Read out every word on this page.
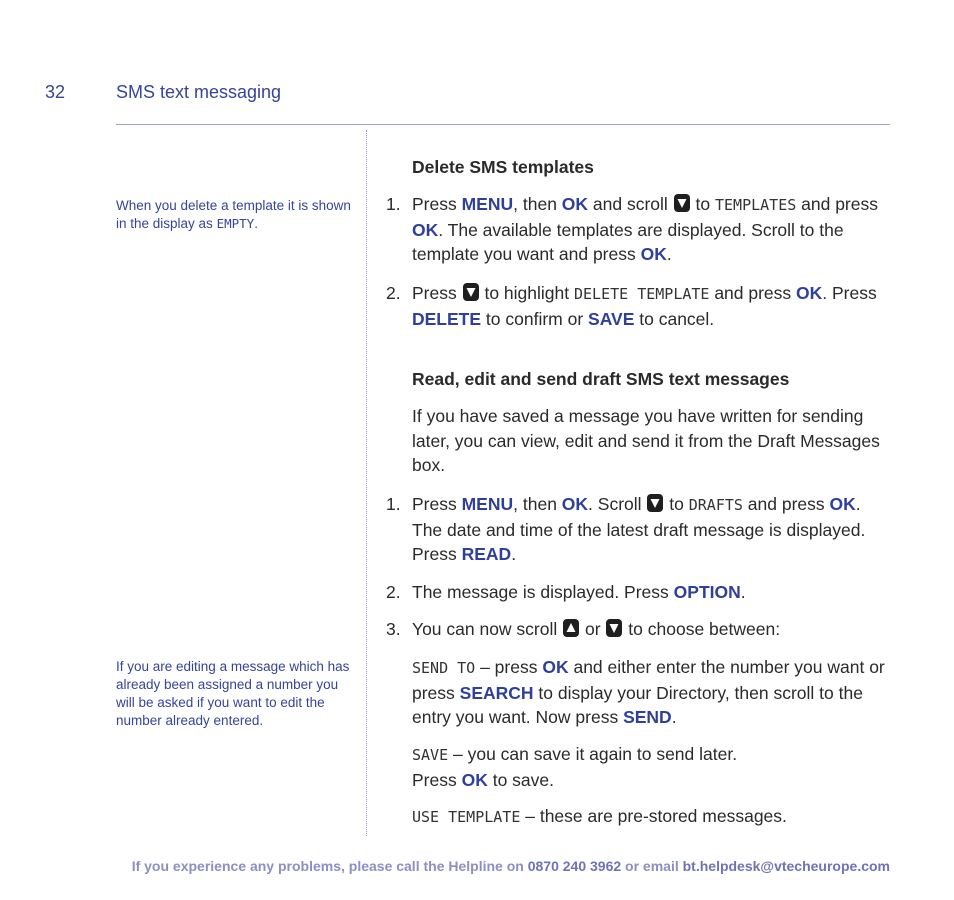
32	SMS text messaging
When you delete a template it is shown in the display as EMPTY.
If you are editing a message which has already been assigned a number you will be asked if you want to edit the number already entered.
Delete SMS templates
1. Press MENU, then OK and scroll  to TEMPLATES and press OK. The available templates are displayed. Scroll to the template you want and press OK.
2. Press  to highlight DELETE TEMPLATE and press OK. Press DELETE to confirm or SAVE to cancel.
Read, edit and send draft SMS text messages
If you have saved a message you have written for sending later, you can view, edit and send it from the Draft Messages box.
1. Press MENU, then OK. Scroll  to DRAFTS and press OK. The date and time of the latest draft message is displayed. Press READ.
2. The message is displayed. Press OPTION.
3. You can now scroll  or  to choose between:
SEND TO – press OK and either enter the number you want or press SEARCH to display your Directory, then scroll to the entry you want. Now press SEND.
SAVE – you can save it again to send later.
Press OK to save.
USE TEMPLATE – these are pre-stored messages.
If you experience any problems, please call the Helpline on 0870 240 3962 or email bt.helpdesk@vtecheurope.com
